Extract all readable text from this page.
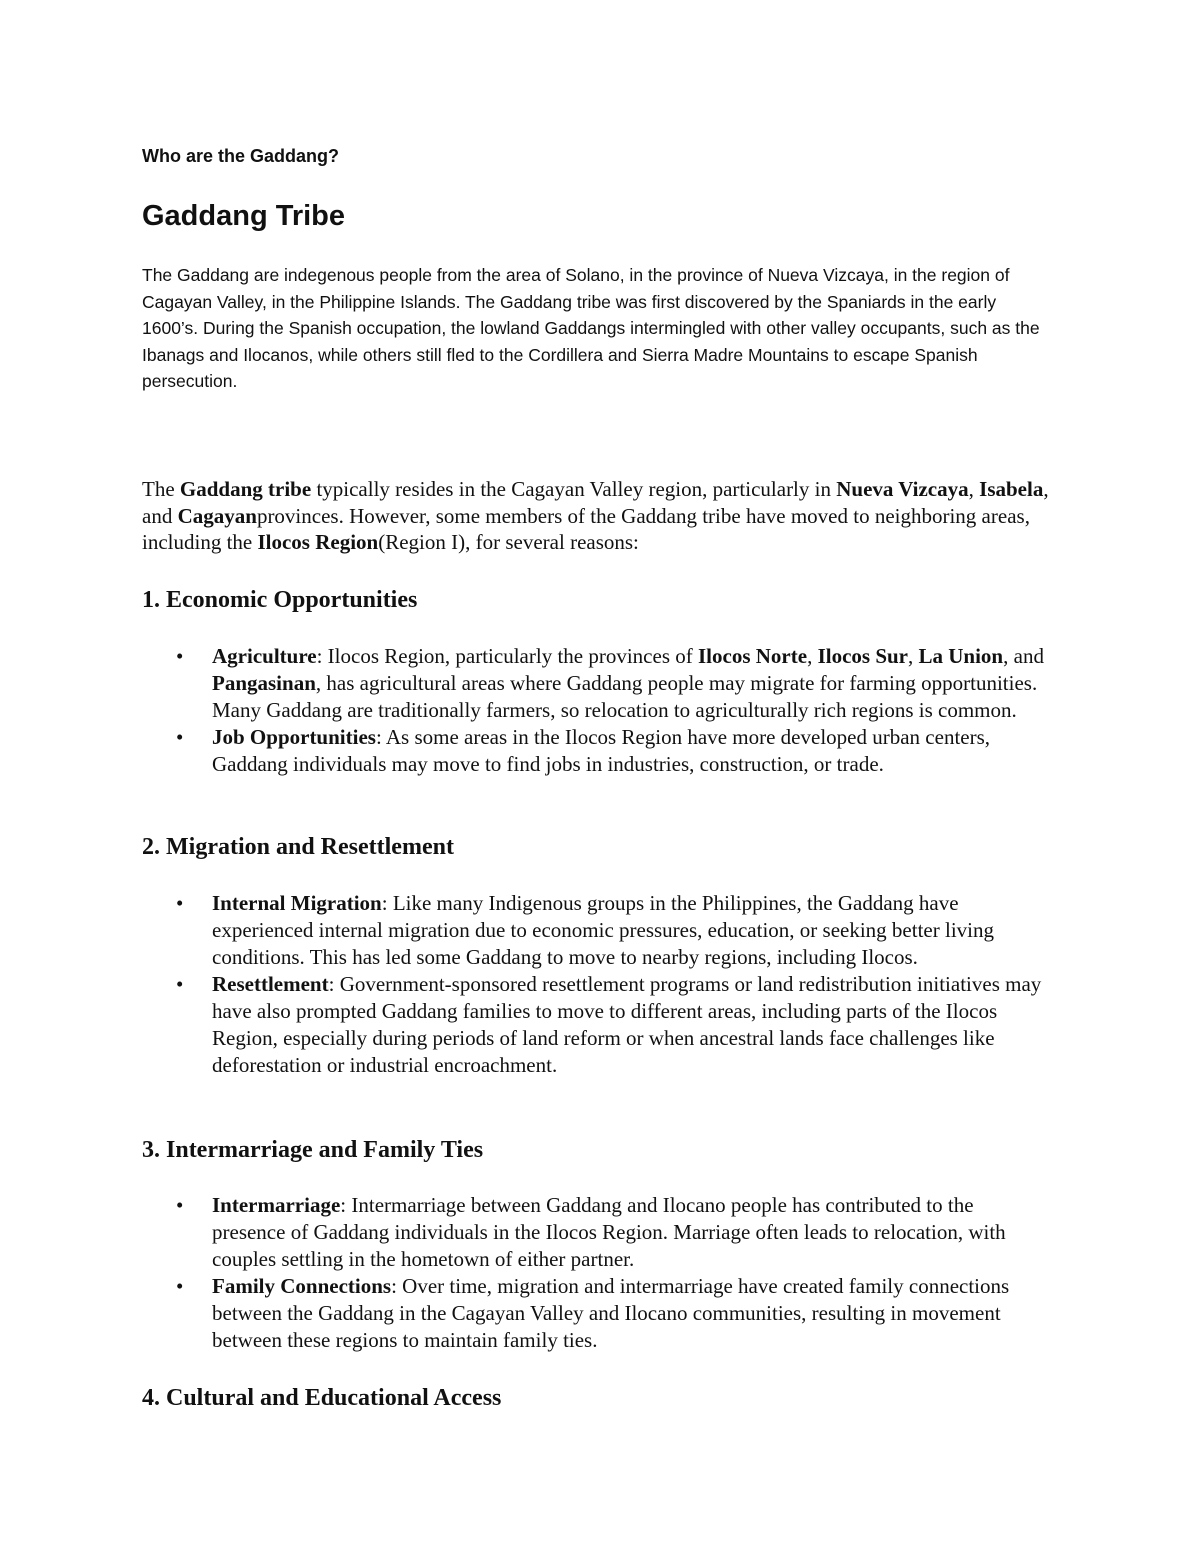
Who are the Gaddang?
Gaddang Tribe

The Gaddang are indegenous people from the area of Solano, in the province of Nueva Vizcaya, in the region of Cagayan Valley, in the Philippine Islands. The Gaddang tribe was first discovered by the Spaniards in the early 1600’s. During the Spanish occupation, the lowland Gaddangs intermingled with other valley occupants, such as the Ibanags and Ilocanos, while others still fled to the Cordillera and Sierra Madre Mountains to escape Spanish persecution.

The Gaddang tribe typically resides in the Cagayan Valley region, particularly in Nueva Vizcaya, Isabela, and Cagayanprovinces. However, some members of the Gaddang tribe have moved to neighboring areas, including the Ilocos Region(Region I), for several reasons:

1. Economic Opportunities
• Agriculture: Ilocos Region, particularly the provinces of Ilocos Norte, Ilocos Sur, La Union, and Pangasinan, has agricultural areas where Gaddang people may migrate for farming opportunities. Many Gaddang are traditionally farmers, so relocation to agriculturally rich regions is common.
• Job Opportunities: As some areas in the Ilocos Region have more developed urban centers, Gaddang individuals may move to find jobs in industries, construction, or trade.
2. Migration and Resettlement
• Internal Migration: Like many Indigenous groups in the Philippines, the Gaddang have experienced internal migration due to economic pressures, education, or seeking better living conditions. This has led some Gaddang to move to nearby regions, including Ilocos.
• Resettlement: Government-sponsored resettlement programs or land redistribution initiatives may have also prompted Gaddang families to move to different areas, including parts of the Ilocos Region, especially during periods of land reform or when ancestral lands face challenges like deforestation or industrial encroachment.
3. Intermarriage and Family Ties
• Intermarriage: Intermarriage between Gaddang and Ilocano people has contributed to the presence of Gaddang individuals in the Ilocos Region. Marriage often leads to relocation, with couples settling in the hometown of either partner.
• Family Connections: Over time, migration and intermarriage have created family connections between the Gaddang in the Cagayan Valley and Ilocano communities, resulting in movement between these regions to maintain family ties.
4. Cultural and Educational Access
